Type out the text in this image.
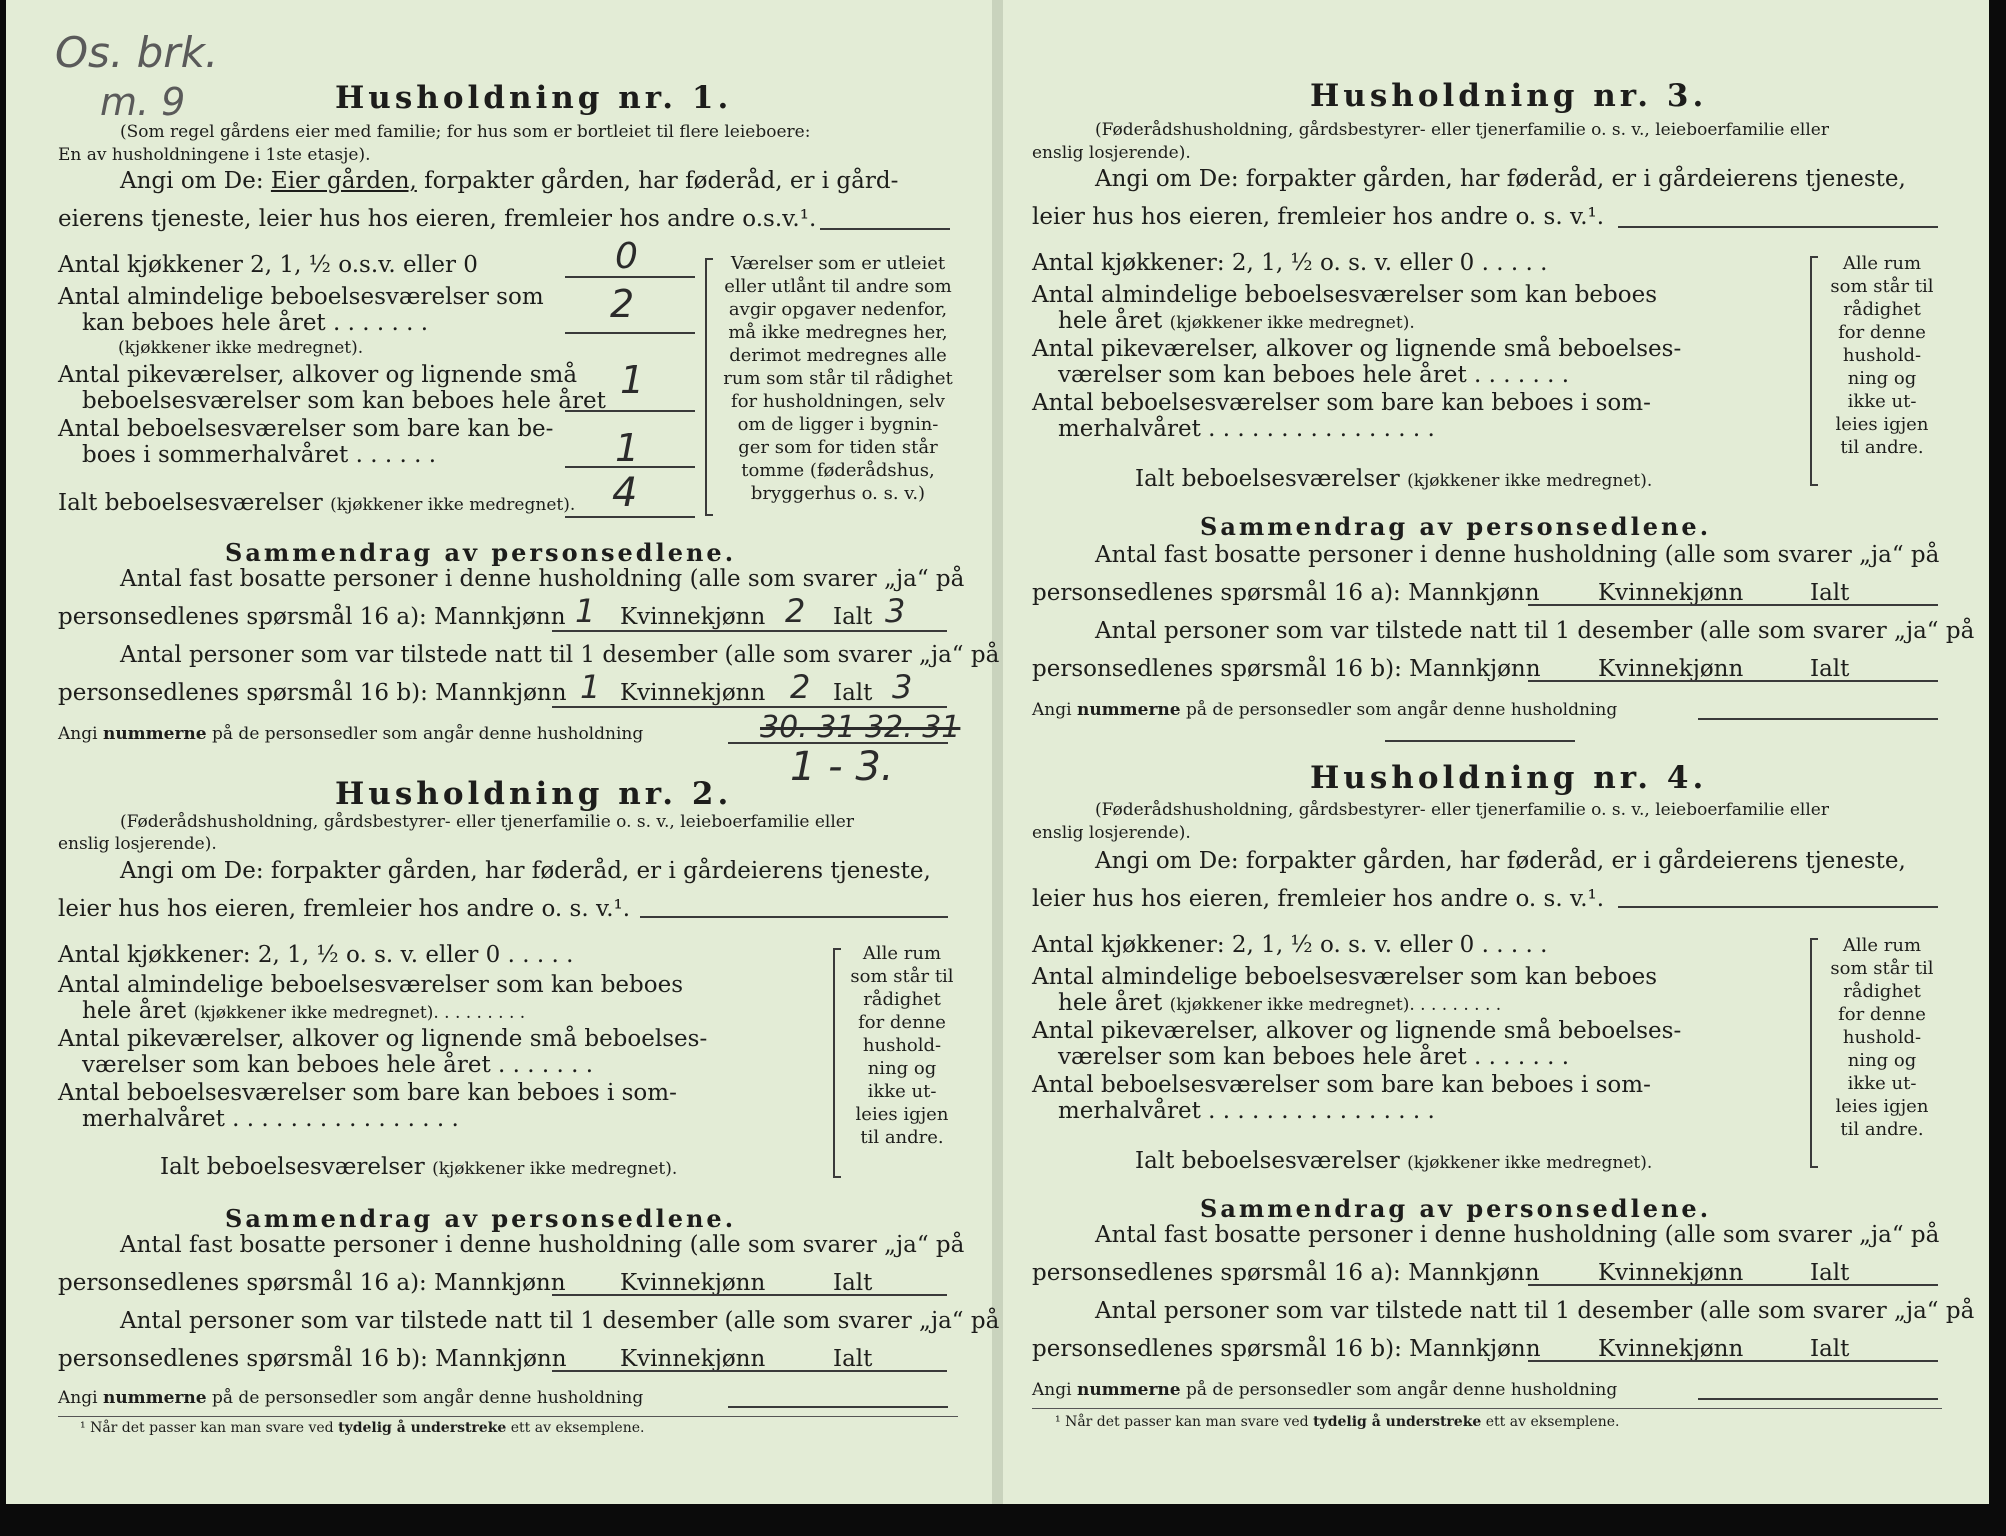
Os. brk.
m. 9	Husholdning nr. 1.
(Som regel gårdens eier med familie; for hus som er bortleiet til flere leieboere:
En av husholdningene i 1ste etasje).
Angi om De: Eier gården, forpakter gården, har føderåd, er i gård-
eierens tjeneste, leier hus hos eieren, fremleier hos andre o.s.v.¹.
Antal kjøkkener 2, 1, ½ o.s.v. eller 0	0
Antal almindelige beboelsesværelser som
kan beboes hele året . . . . . . .
(kjøkkener ikke medregnet).
2
Antal pikeværelser, alkover og lignende små
beboelsesværelser som kan beboes hele året 1
Antal beboelsesværelser som bare kan be-
boes i sommerhalvåret . . . . . .	1
Ialt beboelsesværelser (kjøkkener ikke medregnet). 4
Værelser som er utleiet
eller utlånt til andre som
avgir opgaver nedenfor,
må ikke medregnes her,
derimot medregnes alle
rum som står til rådighet
for husholdningen, selv
om de ligger i bygnin-
ger som for tiden står
tomme (føderådshus,
bryggerhus o. s. v.)
Sammendrag av personsedlene.
Antal fast bosatte personer i denne husholdning (alle som svarer „ja“ på
personsedlenes spørsmål 16 a): Mannkjønn 1 Kvinnekjønn 2 Ialt 3
Antal personer som var tilstede natt til 1 desember (alle som svarer „ja“ på
personsedlenes spørsmål 16 b): Mannkjønn 1 Kvinnekjønn 2 Ialt 3
Angi nummerne på de personsedler som angår denne husholdning	30. 31 32. 31
1 - 3.
Husholdning nr. 2.
(Føderådshusholdning, gårdsbestyrer- eller tjenerfamilie o. s. v., leieboerfamilie eller
enslig losjerende).
Angi om De: forpakter gården, har føderåd, er i gårdeierens tjeneste,
leier hus hos eieren, fremleier hos andre o. s. v.¹.
Antal kjøkkener: 2, 1, ½ o. s. v. eller 0 . . . . .
Antal almindelige beboelsesværelser som kan beboes
hele året (kjøkkener ikke medregnet). . . . . . . . .
Antal pikeværelser, alkover og lignende små beboelses-
værelser som kan beboes hele året . . . . . . .
Antal beboelsesværelser som bare kan beboes i som-
merhalvåret . . . . . . . . . . . . . . . .
Ialt beboelsesværelser (kjøkkener ikke medregnet).
Alle rum
som står til
rådighet
for denne
hushold-
ning og
ikke ut-
leies igjen
til andre.
Sammendrag av personsedlene.
Antal fast bosatte personer i denne husholdning (alle som svarer „ja“ på
personsedlenes spørsmål 16 a): Mannkjønn Kvinnekjønn	Ialt
Antal personer som var tilstede natt til 1 desember (alle som svarer „ja“ på
personsedlenes spørsmål 16 b): Mannkjønn Kvinnekjønn	Ialt
Angi nummerne på de personsedler som angår denne husholdning
¹ Når det passer kan man svare ved tydelig å understreke ett av eksemplene.
Husholdning nr. 3.
(Føderådshusholdning, gårdsbestyrer- eller tjenerfamilie o. s. v., leieboerfamilie eller
enslig losjerende).
Angi om De: forpakter gården, har føderåd, er i gårdeierens tjeneste,
leier hus hos eieren, fremleier hos andre o. s. v.¹.
Antal kjøkkener: 2, 1, ½ o. s. v. eller 0 . . . . .
Antal almindelige beboelsesværelser som kan beboes
hele året (kjøkkener ikke medregnet).
Antal pikeværelser, alkover og lignende små beboelses-
værelser som kan beboes hele året . . . . . . .
Antal beboelsesværelser som bare kan beboes i som-
merhalvåret . . . . . . . . . . . . . . . .
Ialt beboelsesværelser (kjøkkener ikke medregnet).
Alle rum
som står til
rådighet
for denne
hushold-
ning og
ikke ut-
leies igjen
til andre.
Sammendrag av personsedlene.
Antal fast bosatte personer i denne husholdning (alle som svarer „ja“ på
personsedlenes spørsmål 16 a): Mannkjønn	Kvinnekjønn	Ialt
Antal personer som var tilstede natt til 1 desember (alle som svarer „ja“ på
personsedlenes spørsmål 16 b): Mannkjønn Kvinnekjønn	Ialt
Angi nummerne på de personsedler som angår denne husholdning
Husholdning nr. 4.
(Føderådshusholdning, gårdsbestyrer- eller tjenerfamilie o. s. v., leieboerfamilie eller
enslig losjerende).
Angi om De: forpakter gården, har føderåd, er i gårdeierens tjeneste,
leier hus hos eieren, fremleier hos andre o. s. v.¹.
Antal kjøkkener: 2, 1, ½ o. s. v. eller 0 . . . . .
Antal almindelige beboelsesværelser som kan beboes
hele året (kjøkkener ikke medregnet). . . . . . . . .
Antal pikeværelser, alkover og lignende små beboelses-
værelser som kan beboes hele året . . . . . . .
Antal beboelsesværelser som bare kan beboes i som-
merhalvåret . . . . . . . . . . . . . . . .
Ialt beboelsesværelser (kjøkkener ikke medregnet).
Alle rum
som står til
rådighet
for denne
hushold-
ning og
ikke ut-
leies igjen
til andre.
Sammendrag av personsedlene.
Antal fast bosatte personer i denne husholdning (alle som svarer „ja“ på
personsedlenes spørsmål 16 a): Mannkjønn	Kvinnekjønn	Ialt
Antal personer som var tilstede natt til 1 desember (alle som svarer „ja“ på
personsedlenes spørsmål 16 b): Mannkjønn Kvinnekjønn	Ialt
Angi nummerne på de personsedler som angår denne husholdning
¹ Når det passer kan man svare ved tydelig å understreke ett av eksemplene.
